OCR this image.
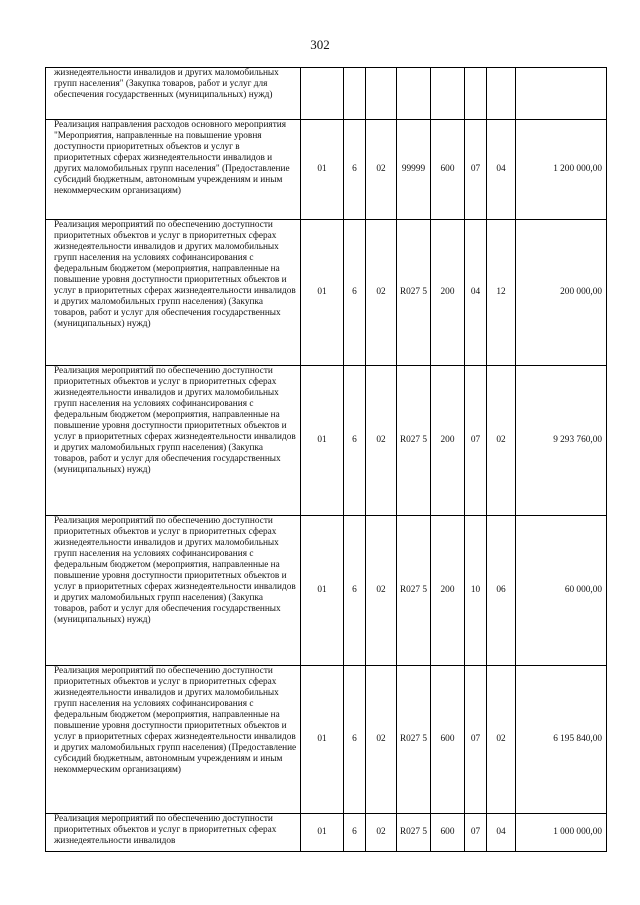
302
жизнедеятельности инвалидов и других маломобильных групп населения" (Закупка товаров, работ и услуг для обеспечения государственных (муниципальных) нужд)								
Реализация направления расходов основного мероприятия "Мероприятия, направленные на повышение уровня доступности приоритетных объектов и услуг в приоритетных сферах жизнедеятельности инвалидов и других маломобильных групп населения" (Предоставление субсидий бюджетным, автономным учреждениям и иным некоммерческим организациям)	01	6	02	99999	600	07	04	1 200 000,00
Реализация мероприятий по обеспечению доступности приоритетных объектов и услуг в приоритетных сферах жизнедеятельности инвалидов и других маломобильных групп населения на условиях софинансирования с федеральным бюджетом (мероприятия, направленные на повышение уровня доступности приоритетных объектов и услуг в приоритетных сферах жизнедеятельности инвалидов и других маломобильных групп населения) (Закупка товаров, работ и услуг для обеспечения государственных (муниципальных) нужд)	01	6	02	R027 5	200	04	12	200 000,00
Реализация мероприятий по обеспечению доступности приоритетных объектов и услуг в приоритетных сферах жизнедеятельности инвалидов и других маломобильных групп населения на условиях софинансирования с федеральным бюджетом (мероприятия, направленные на повышение уровня доступности приоритетных объектов и услуг в приоритетных сферах жизнедеятельности инвалидов и других маломобильных групп населения) (Закупка товаров, работ и услуг для обеспечения государственных (муниципальных) нужд)	01	6	02	R027 5	200	07	02	9 293 760,00
Реализация мероприятий по обеспечению доступности приоритетных объектов и услуг в приоритетных сферах жизнедеятельности инвалидов и других маломобильных групп населения на условиях софинансирования с федеральным бюджетом (мероприятия, направленные на повышение уровня доступности приоритетных объектов и услуг в приоритетных сферах жизнедеятельности инвалидов и других маломобильных групп населения) (Закупка товаров, работ и услуг для обеспечения государственных (муниципальных) нужд)	01	6	02	R027 5	200	10	06	60 000,00
Реализация мероприятий по обеспечению доступности приоритетных объектов и услуг в приоритетных сферах жизнедеятельности инвалидов и других маломобильных групп населения на условиях софинансирования с федеральным бюджетом (мероприятия, направленные на повышение уровня доступности приоритетных объектов и услуг в приоритетных сферах жизнедеятельности инвалидов и других маломобильных групп населения) (Предоставление субсидий бюджетным, автономным учреждениям и иным некоммерческим организациям)	01	6	02	R027 5	600	07	02	6 195 840,00
Реализация мероприятий по обеспечению доступности приоритетных объектов и услуг в приоритетных сферах жизнедеятельности инвалидов	01	6	02	R027 5	600	07	04	1 000 000,00
